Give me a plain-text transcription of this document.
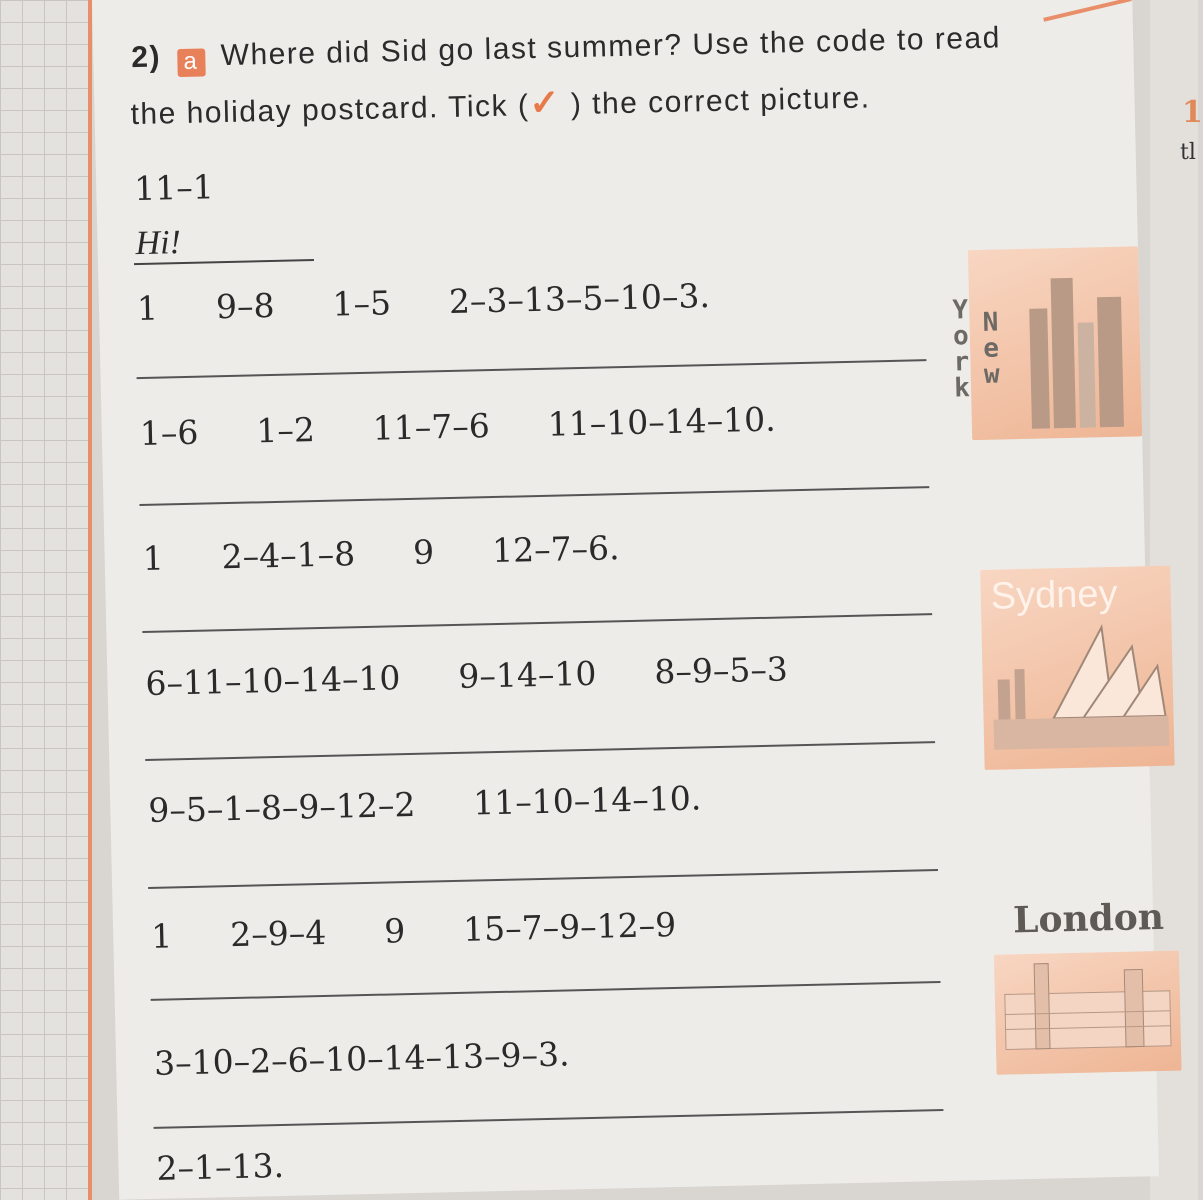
1
tl
2) a Where did Sid go last summer? Use the code to read
the holiday postcard. Tick (✓ ) the correct picture.
11–1
Hi!
1 9–8 1–5 2–3–13–5–10–3.
1–6 1–2 11–7–6 11–10–14–10.
1 2–4–1–8 9 12–7–6.
6–11–10–14–10 9–14–10 8–9–5–3
9–5–1–8–9–12–2 11–10–14–10.
1 2–9–4 9 15–7–9–12–9
3–10–2–6–10–14–13–9–3.
2–1–13.
New York
Sydney
London
